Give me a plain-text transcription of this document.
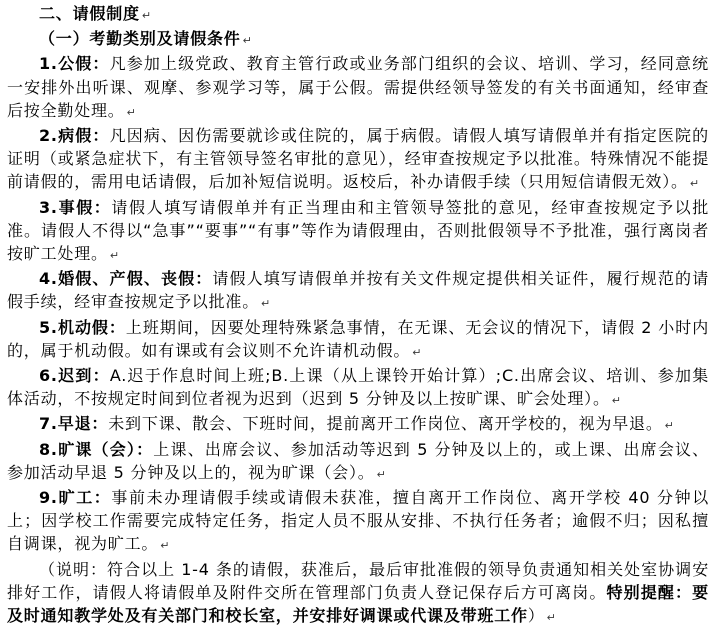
二、请假制度 ↵

（一）考勤类别及请假条件 ↵

1.公假：凡参加上级党政、教育主管行政或业务部门组织的会议、培训、学习，经同意统一安排外出听课、观摩、参观学习等，属于公假。需提供经领导签发的有关书面通知，经审查后按全勤处理。 ↵

2.病假：凡因病、因伤需要就诊或住院的，属于病假。请假人填写请假单并有指定医院的证明（或紧急症状下，有主管领导签名审批的意见），经审查按规定予以批准。特殊情况不能提前请假的，需用电话请假，后加补短信说明。返校后，补办请假手续（只用短信请假无效）。 ↵

3.事假：请假人填写请假单并有正当理由和主管领导签批的意见，经审查按规定予以批准。请假人不得以“急事”“要事”“有事”等作为请假理由，否则批假领导不予批准，强行离岗者按旷工处理。 ↵

4.婚假、产假、丧假：请假人填写请假单并按有关文件规定提供相关证件，履行规范的请假手续，经审查按规定予以批准。 ↵

5.机动假：上班期间，因要处理特殊紧急事情，在无课、无会议的情况下，请假 2 小时内的，属于机动假。如有课或有会议则不允许请机动假。 ↵

6.迟到：A.迟于作息时间上班;B.上课（从上课铃开始计算）;C.出席会议、培训、参加集体活动，不按规定时间到位者视为迟到（迟到 5 分钟及以上按旷课、旷会处理）。 ↵

7.早退：未到下课、散会、下班时间，提前离开工作岗位、离开学校的，视为早退。 ↵

8.旷课（会）：上课、出席会议、参加活动等迟到 5 分钟及以上的，或上课、出席会议、参加活动早退 5 分钟及以上的，视为旷课（会）。 ↵

9.旷工：事前未办理请假手续或请假未获准，擅自离开工作岗位、离开学校 40 分钟以上；因学校工作需要完成特定任务，指定人员不服从安排、不执行任务者；逾假不归；因私擅自调课，视为旷工。 ↵

（说明：符合以上 1-4 条的请假，获准后，最后审批准假的领导负责通知相关处室协调安排好工作，请假人将请假单及附件交所在管理部门负责人登记保存后方可离岗。特别提醒：要及时通知教学处及有关部门和校长室，并安排好调课或代课及带班工作） ↵
